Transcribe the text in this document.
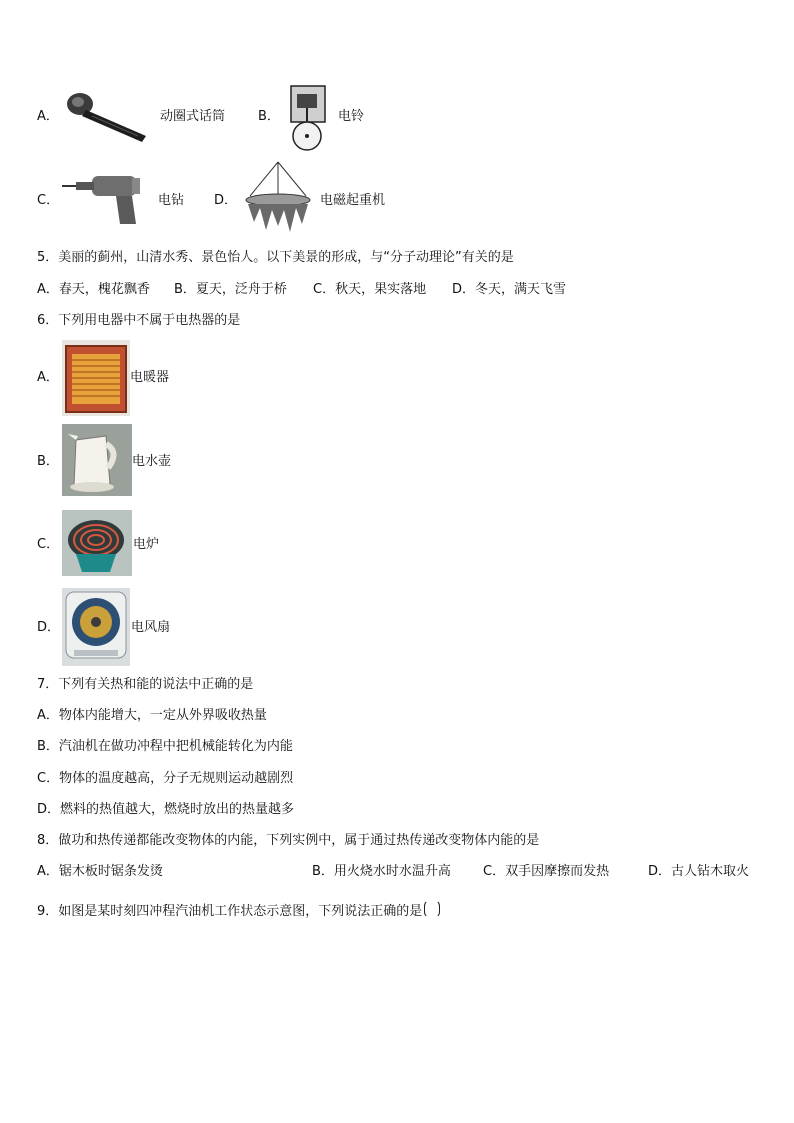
A．	动圈式话筒	B．	电铃
C．	电钻 D．	电磁起重机
5．美丽的蓟州，山清水秀、景色怡人。以下美景的形成，与“分子动理论”有关的是
A．春天，槐花飘香 B．夏天，泛舟于桥 C．秋天，果实落地 D．冬天，满天飞雪
6．下列用电器中不属于电热器的是
A．	电暖器
B．	电水壶
C．	电炉
D．	电风扇
7．下列有关热和能的说法中正确的是
A．物体内能增大，一定从外界吸收热量
B．汽油机在做功冲程中把机械能转化为内能
C．物体的温度越高，分子无规则运动越剧烈
D．燃料的热值越大，燃烧时放出的热量越多
8．做功和热传递都能改变物体的内能，下列实例中，属于通过热传递改变物体内能的是
A．锯木板时锯条发烫	B．用火烧水时水温升高 C．双手因摩擦而发热	D．古人钻木取火
9．如图是某时刻四冲程汽油机工作状态示意图，下列说法正确的是
